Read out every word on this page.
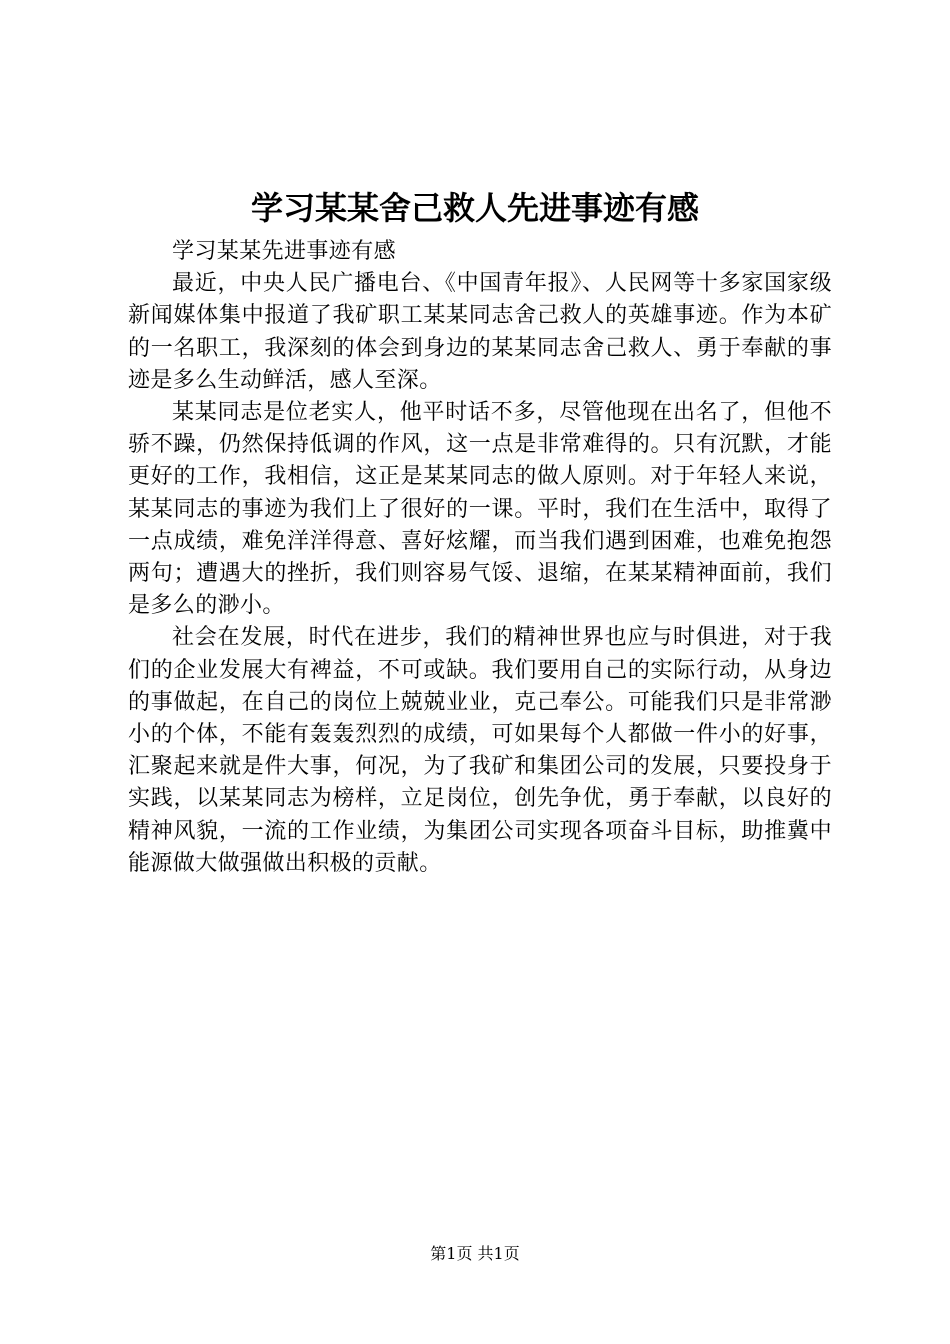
学习某某舍己救人先进事迹有感

学习某某先进事迹有感

最近，中央人民广播电台、《中国青年报》、人民网等十多家国家级新闻媒体集中报道了我矿职工某某同志舍己救人的英雄事迹。作为本矿的一名职工，我深刻的体会到身边的某某同志舍己救人、勇于奉献的事迹是多么生动鲜活，感人至深。

某某同志是位老实人，他平时话不多，尽管他现在出名了，但他不骄不躁，仍然保持低调的作风，这一点是非常难得的。只有沉默，才能更好的工作，我相信，这正是某某同志的做人原则。对于年轻人来说，某某同志的事迹为我们上了很好的一课。平时，我们在生活中，取得了一点成绩，难免洋洋得意、喜好炫耀，而当我们遇到困难，也难免抱怨两句；遭遇大的挫折，我们则容易气馁、退缩，在某某精神面前，我们是多么的渺小。

社会在发展，时代在进步，我们的精神世界也应与时俱进，对于我们的企业发展大有裨益，不可或缺。我们要用自己的实际行动，从身边的事做起，在自己的岗位上兢兢业业，克己奉公。可能我们只是非常渺小的个体，不能有轰轰烈烈的成绩，可如果每个人都做一件小的好事，汇聚起来就是件大事，何况，为了我矿和集团公司的发展，只要投身于实践，以某某同志为榜样，立足岗位，创先争优，勇于奉献，以良好的精神风貌，一流的工作业绩，为集团公司实现各项奋斗目标，助推冀中能源做大做强做出积极的贡献。

第1页 共1页
